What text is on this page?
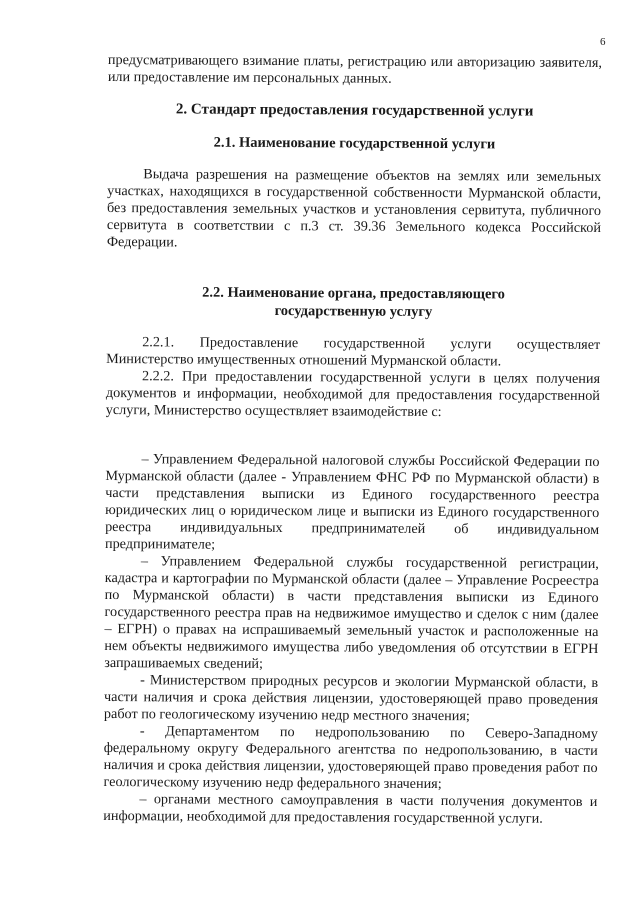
6

предусматривающего взимание платы, регистрацию или авторизацию заявителя, или предоставление им персональных данных.

2. Стандарт предоставления государственной услуги
2.1. Наименование государственной услуги

Выдача разрешения на размещение объектов на землях или земельных участках, находящихся в государственной собственности Мурманской области, без предоставления земельных участков и установления сервитута, публичного сервитута в соответствии с п.3 ст. 39.36 Земельного кодекса Российской Федерации.

2.2. Наименование органа, предоставляющего государственную услугу

2.2.1. Предоставление государственной услуги осуществляет Министерство имущественных отношений Мурманской области.

2.2.2. При предоставлении государственной услуги в целях получения документов и информации, необходимой для предоставления государственной услуги, Министерство осуществляет взаимодействие с:

– Управлением Федеральной налоговой службы Российской Федерации по Мурманской области (далее - Управлением ФНС РФ по Мурманской области) в части представления выписки из Единого государственного реестра юридических лиц о юридическом лице и выписки из Единого государственного реестра индивидуальных предпринимателей об индивидуальном предпринимателе;

– Управлением Федеральной службы государственной регистрации, кадастра и картографии по Мурманской области (далее – Управление Росреестра по Мурманской области) в части представления выписки из Единого государственного реестра прав на недвижимое имущество и сделок с ним (далее – ЕГРН) о правах на испрашиваемый земельный участок и расположенные на нем объекты недвижимого имущества либо уведомления об отсутствии в ЕГРН запрашиваемых сведений;

- Министерством природных ресурсов и экологии Мурманской области, в части наличия и срока действия лицензии, удостоверяющей право проведения работ по геологическому изучению недр местного значения;

- Департаментом по недропользованию по Северо-Западному федеральному округу Федерального агентства по недропользованию, в части наличия и срока действия лицензии, удостоверяющей право проведения работ по геологическому изучению недр федерального значения;

– органами местного самоуправления в части получения документов и информации, необходимой для предоставления государственной услуги.
